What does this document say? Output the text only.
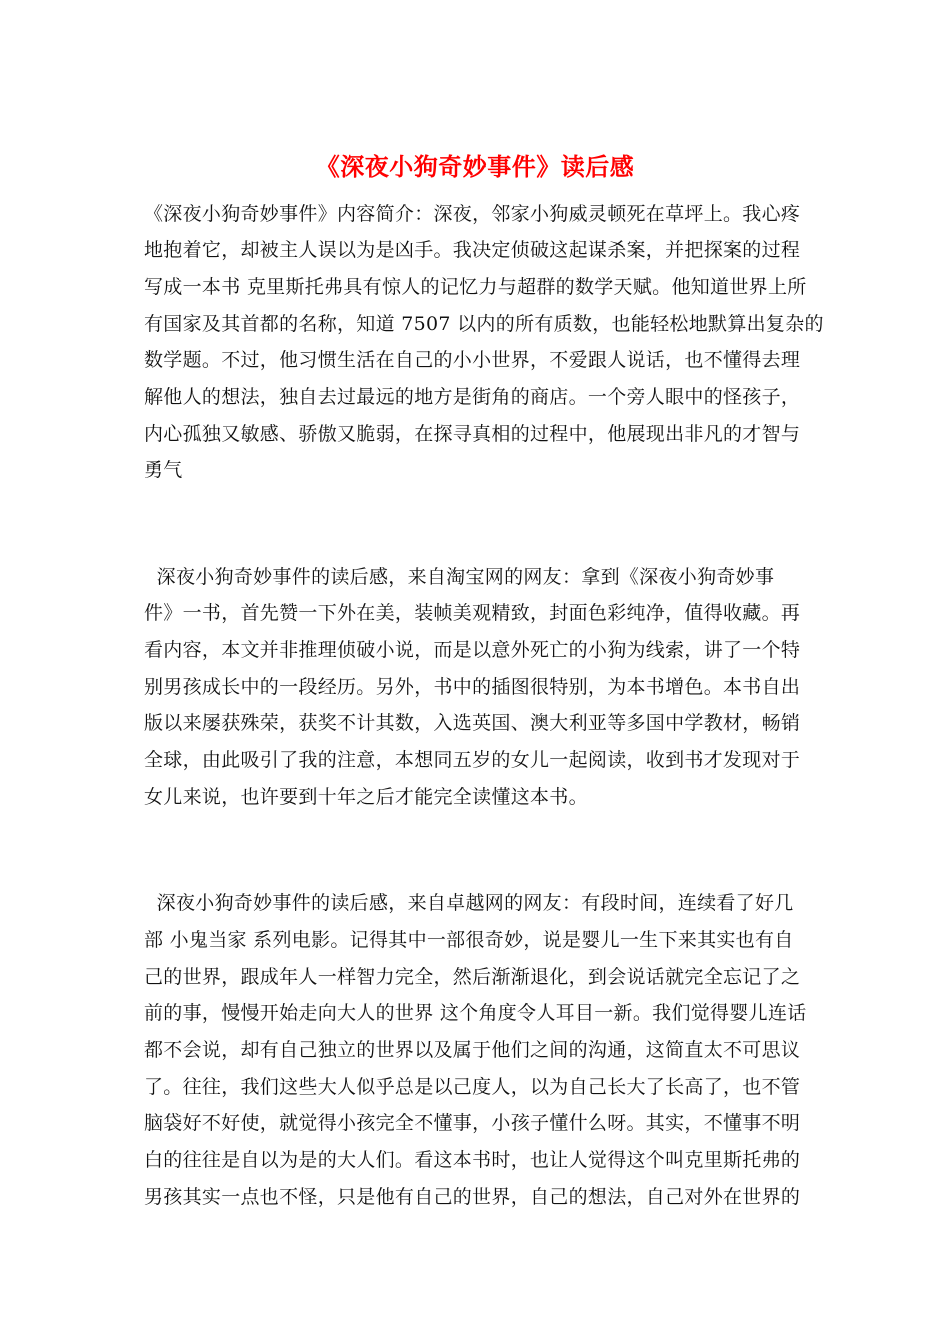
《深夜小狗奇妙事件》读后感
《深夜小狗奇妙事件》内容简介：深夜，邻家小狗威灵顿死在草坪上。我心疼
地抱着它，却被主人误以为是凶手。我决定侦破这起谋杀案，并把探案的过程
写成一本书 克里斯托弗具有惊人的记忆力与超群的数学天赋。他知道世界上所
有国家及其首都的名称，知道 7507 以内的所有质数，也能轻松地默算出复杂的
数学题。不过，他习惯生活在自己的小小世界，不爱跟人说话，也不懂得去理
解他人的想法，独自去过最远的地方是街角的商店。一个旁人眼中的怪孩子，
内心孤独又敏感、骄傲又脆弱，在探寻真相的过程中，他展现出非凡的才智与
勇气
深夜小狗奇妙事件的读后感，来自淘宝网的网友：拿到《深夜小狗奇妙事
件》一书，首先赞一下外在美，装帧美观精致，封面色彩纯净，值得收藏。再
看内容，本文并非推理侦破小说，而是以意外死亡的小狗为线索，讲了一个特
别男孩成长中的一段经历。另外，书中的插图很特别，为本书增色。本书自出
版以来屡获殊荣，获奖不计其数，入选英国、澳大利亚等多国中学教材，畅销
全球，由此吸引了我的注意，本想同五岁的女儿一起阅读，收到书才发现对于
女儿来说，也许要到十年之后才能完全读懂这本书。
深夜小狗奇妙事件的读后感，来自卓越网的网友：有段时间，连续看了好几
部 小鬼当家 系列电影。记得其中一部很奇妙，说是婴儿一生下来其实也有自
己的世界，跟成年人一样智力完全，然后渐渐退化，到会说话就完全忘记了之
前的事，慢慢开始走向大人的世界 这个角度令人耳目一新。我们觉得婴儿连话
都不会说，却有自己独立的世界以及属于他们之间的沟通，这简直太不可思议
了。往往，我们这些大人似乎总是以己度人，以为自己长大了长高了，也不管
脑袋好不好使，就觉得小孩完全不懂事，小孩子懂什么呀。其实，不懂事不明
白的往往是自以为是的大人们。看这本书时，也让人觉得这个叫克里斯托弗的
男孩其实一点也不怪，只是他有自己的世界，自己的想法，自己对外在世界的
